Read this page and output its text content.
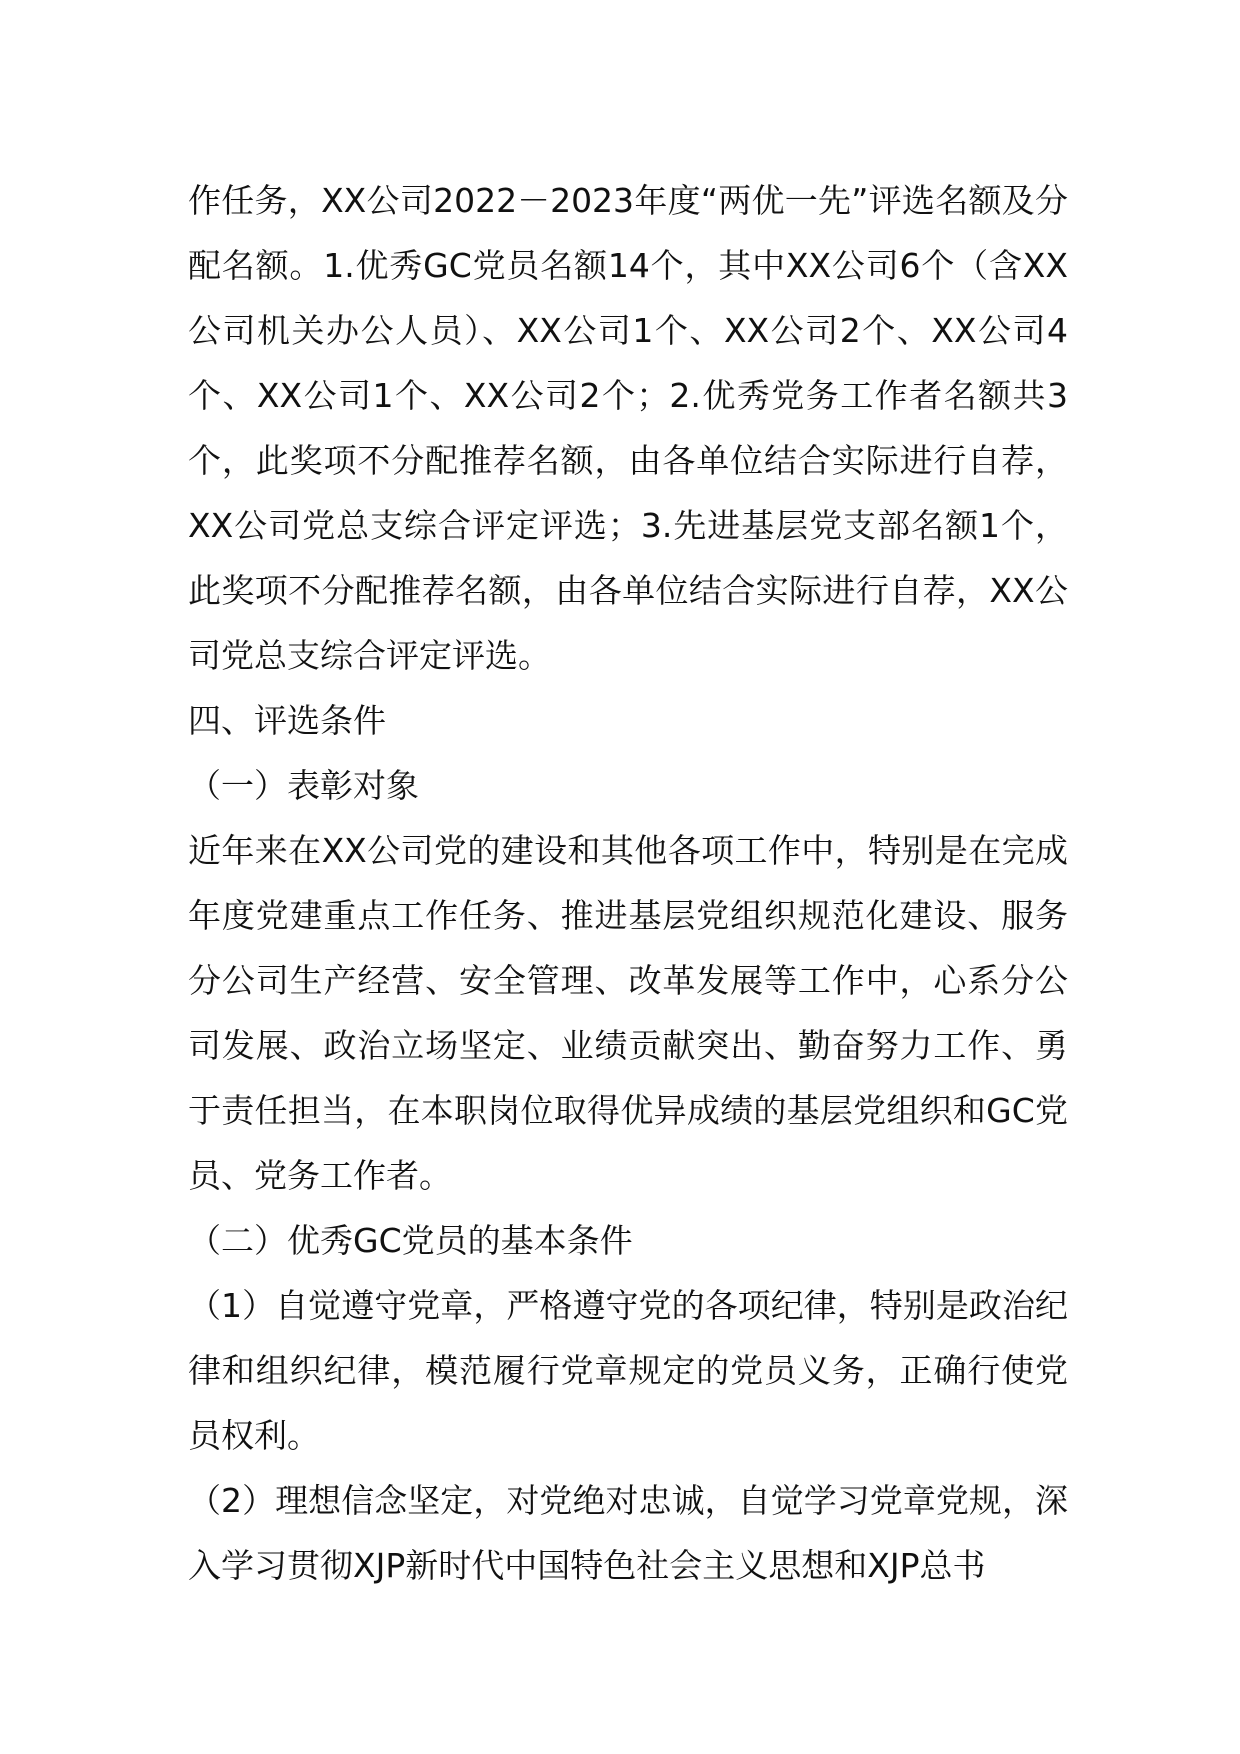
作任务，XX公司2022－2023年度“两优一先”评选名额及分配名额。1.优秀GC党员名额14个，其中XX公司6个（含XX公司机关办公人员）、XX公司1个、XX公司2个、XX公司4个、XX公司1个、XX公司2个；2.优秀党务工作者名额共3个，此奖项不分配推荐名额，由各单位结合实际进行自荐，XX公司党总支综合评定评选；3.先进基层党支部名额1个，此奖项不分配推荐名额，由各单位结合实际进行自荐，XX公司党总支综合评定评选。

四、评选条件

（一）表彰对象

近年来在XX公司党的建设和其他各项工作中，特别是在完成年度党建重点工作任务、推进基层党组织规范化建设、服务分公司生产经营、安全管理、改革发展等工作中，心系分公司发展、政治立场坚定、业绩贡献突出、勤奋努力工作、勇于责任担当，在本职岗位取得优异成绩的基层党组织和GC党员、党务工作者。

（二）优秀GC党员的基本条件

（1）自觉遵守党章，严格遵守党的各项纪律，特别是政治纪律和组织纪律，模范履行党章规定的党员义务，正确行使党员权利。

（2）理想信念坚定，对党绝对忠诚，自觉学习党章党规，深入学习贯彻XJP新时代中国特色社会主义思想和XJP总书
